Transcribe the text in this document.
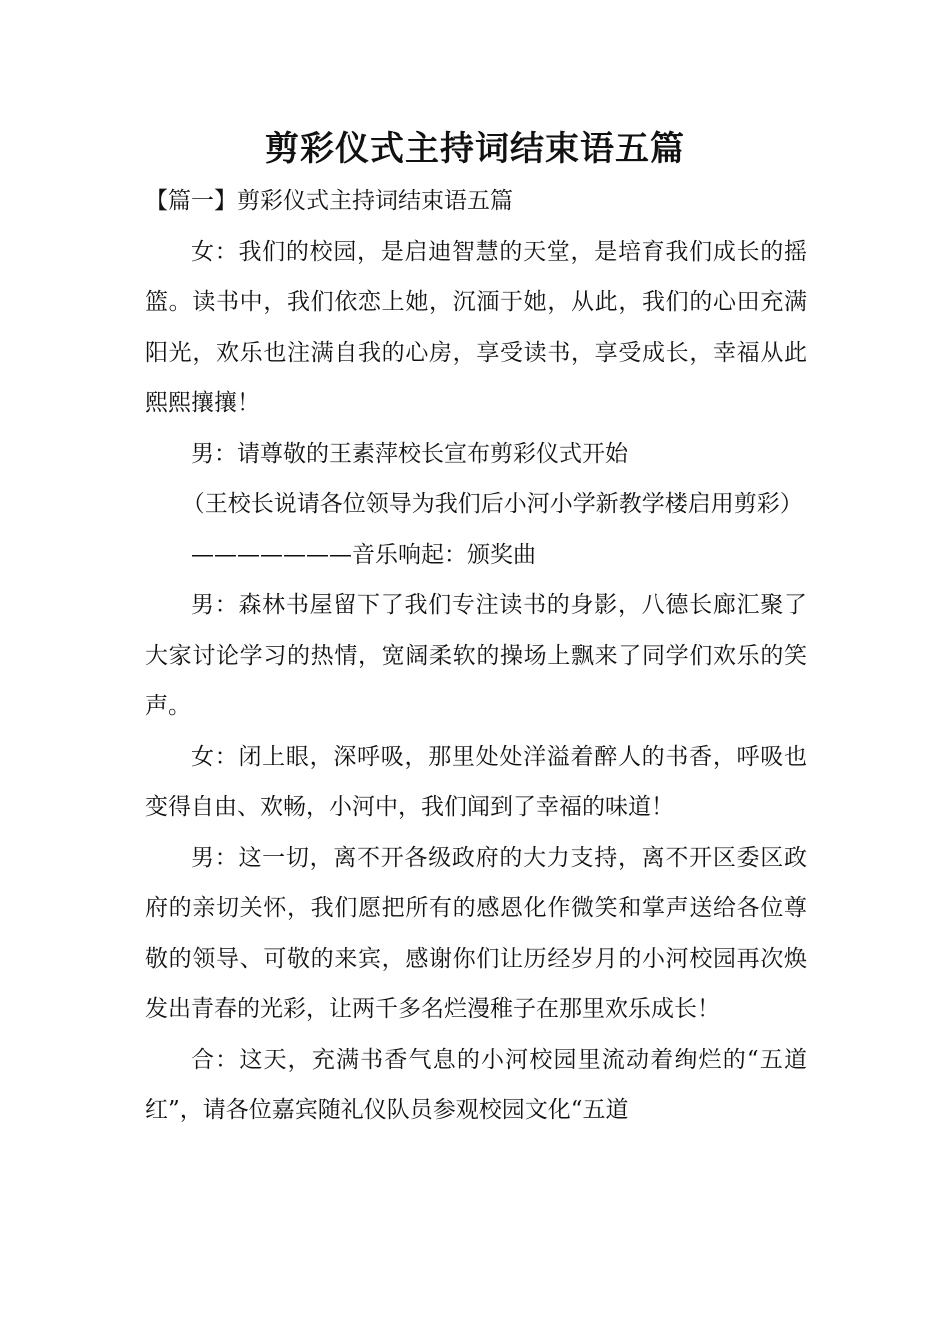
剪彩仪式主持词结束语五篇

【篇一】剪彩仪式主持词结束语五篇

女：我们的校园，是启迪智慧的天堂，是培育我们成长的摇篮。读书中，我们依恋上她，沉湎于她，从此，我们的心田充满阳光，欢乐也注满自我的心房，享受读书，享受成长，幸福从此熙熙攘攘！

男：请尊敬的王素萍校长宣布剪彩仪式开始

（王校长说请各位领导为我们后小河小学新教学楼启用剪彩）

———————音乐响起：颁奖曲

男：森林书屋留下了我们专注读书的身影，八德长廊汇聚了大家讨论学习的热情，宽阔柔软的操场上飘来了同学们欢乐的笑声。

女：闭上眼，深呼吸，那里处处洋溢着醉人的书香，呼吸也变得自由、欢畅，小河中，我们闻到了幸福的味道！

男：这一切，离不开各级政府的大力支持，离不开区委区政府的亲切关怀，我们愿把所有的感恩化作微笑和掌声送给各位尊敬的领导、可敬的来宾，感谢你们让历经岁月的小河校园再次焕发出青春的光彩，让两千多名烂漫稚子在那里欢乐成长！

合：这天，充满书香气息的小河校园里流动着绚烂的“五道红”，请各位嘉宾随礼仪队员参观校园文化“五道
